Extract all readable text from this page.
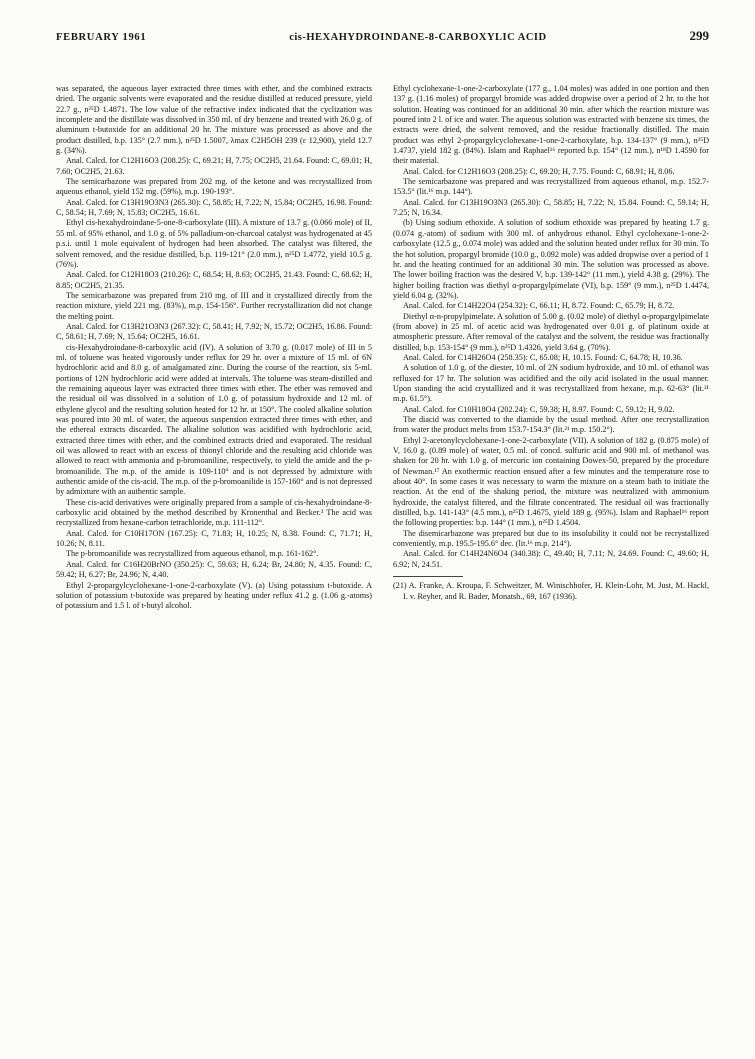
FEBRUARY 1961	cis-HEXAHYDROINDANE-8-CARBOXYLIC ACID	299

was separated, the aqueous layer extracted three times with ether, and the combined extracts dried. The organic solvents were evaporated and the residue distilled at reduced pressure, yield 22.7 g., n²⁵D 1.4871. The low value of the refractive index indicated that the cyclization was incomplete and the distillate was dissolved in 350 ml. of dry benzene and treated with 26.0 g. of aluminum t-butoxide for an additional 20 hr. The mixture was processed as above and the product distilled, b.p. 135° (2.7 mm.), n²⁵D 1.5007, λmax C2H5OH 239 (ε 12,900), yield 12.7 g. (34%).

Anal. Calcd. for C12H16O3 (208.25): C, 69.21; H, 7.75; OC2H5, 21.64. Found: C, 69.01; H, 7.60; OC2H5, 21.63.

The semicarbazone was prepared from 202 mg. of the ketone and was recrystallized from aqueous ethanol, yield 152 mg. (59%), m.p. 190-193°.

Anal. Calcd. for C13H19O3N3 (265.30): C, 58.85; H, 7.22; N, 15.84; OC2H5, 16.98. Found: C, 58.54; H, 7.69; N, 15.83; OC2H5, 16.61.

Ethyl cis-hexahydroindane-5-one-8-carboxylate (III). A mixture of 13.7 g. (0.066 mole) of II, 55 ml. of 95% ethanol, and 1.0 g. of 5% palladium-on-charcoal catalyst was hydrogenated at 45 p.s.i. until 1 mole equivalent of hydrogen had been absorbed. The catalyst was filtered, the solvent removed, and the residue distilled, b.p. 119-121° (2.0 mm.), n²⁵D 1.4772, yield 10.5 g. (76%).

Anal. Calcd. for C12H18O3 (210.26): C, 68.54; H, 8.63; OC2H5, 21.43. Found: C, 68.62; H, 8.85; OC2H5, 21.35.

The semicarbazone was prepared from 210 mg. of III and it crystallized directly from the reaction mixture, yield 221 mg. (83%), m.p. 154-156°. Further recrystallization did not change the melting point.

Anal. Calcd. for C13H21O3N3 (267.32): C, 58.41; H, 7.92; N, 15.72; OC2H5, 16.86. Found: C, 58.61; H, 7.69; N, 15.64; OC2H5, 16.61.

cis-Hexahydroindane-8-carboxylic acid (IV). A solution of 3.70 g. (0.017 mole) of III in 5 ml. of toluene was heated vigorously under reflux for 29 hr. over a mixture of 15 ml. of 6N hydrochloric acid and 8.0 g. of amalgamated zinc. During the course of the reaction, six 5-ml. portions of 12N hydrochloric acid were added at intervals. The toluene was steam-distilled and the remaining aqueous layer was extracted three times with ether. The ether was removed and the residual oil was dissolved in a solution of 1.0 g. of potassium hydroxide and 12 ml. of ethylene glycol and the resulting solution heated for 12 hr. at 150°. The cooled alkaline solution was poured into 30 ml. of water, the aqueous suspension extracted three times with ether, and the ethereal extracts discarded. The alkaline solution was acidified with hydrochloric acid, extracted three times with ether, and the combined extracts dried and evaporated. The residual oil was allowed to react with an excess of thionyl chloride and the resulting acid chloride was allowed to react with ammonia and p-bromoaniline, respectively, to yield the amide and the p-bromoanilide. The m.p. of the amide is 109-110° and is not depressed by admixture with authentic amide of the cis-acid. The m.p. of the p-bromoanilide is 157-160° and is not depressed by admixture with an authentic sample.

These cis-acid derivatives were originally prepared from a sample of cis-hexahydroindane-8-carboxylic acid obtained by the method described by Kronenthal and Becker.³ The acid was recrystallized from hexane-carbon tetrachloride, m.p. 111-112°.

Anal. Calcd. for C10H17ON (167.25): C, 71.83; H, 10.25; N, 8.38. Found: C, 71.71; H, 10.26; N, 8.11.

The p-bromoanilide was recrystallized from aqueous ethanol, m.p. 161-162°.

Anal. Calcd. for C16H20BrNO (350.25): C, 59.63; H, 6.24; Br, 24.80; N, 4.35. Found: C, 59.42; H, 6.27; Br, 24.96; N, 4.40.

Ethyl 2-propargylcyclohexane-1-one-2-carboxylate (V). (a) Using potassium t-butoxide. A solution of potassium t-butoxide was prepared by heating under reflux 41.2 g. (1.06 g.-atoms) of potassium and 1.5 l. of t-butyl alcohol.

Ethyl cyclohexane-1-one-2-carboxylate (177 g., 1.04 moles) was added in one portion and then 137 g. (1.16 moles) of propargyl bromide was added dropwise over a period of 2 hr. to the hot solution. Heating was continued for an additional 30 min. after which the reaction mixture was poured into 2 l. of ice and water. The aqueous solution was extracted with benzene six times, the extracts were dried, the solvent removed, and the residue fractionally distilled. The main product was ethyl 2-propargylcyclohexane-1-one-2-carboxylate, b.p. 134-137° (9 mm.), n²⁵D 1.4737, yield 182 g. (84%). Islam and Raphael¹⁶ reported b.p. 154° (12 mm.), n¹⁸D 1.4590 for their material.

Anal. Calcd. for C12H16O3 (208.25): C, 69.20; H, 7.75. Found: C, 68.91; H, 8.06.

The semicarbazone was prepared and was recrystallized from aqueous ethanol, m.p. 152.7-153.5° (lit.¹⁶ m.p. 144°).

Anal. Calcd. for C13H19O3N3 (265.30): C, 58.85; H, 7.22; N, 15.84. Found: C, 59.14; H, 7.25; N, 16.34.

(b) Using sodium ethoxide. A solution of sodium ethoxide was prepared by heating 1.7 g. (0.074 g.-atom) of sodium with 300 ml. of anhydrous ethanol. Ethyl cyclohexane-1-one-2-carboxylate (12.5 g., 0.074 mole) was added and the solution heated under reflux for 30 min. To the hot solution, propargyl bromide (10.0 g., 0.092 mole) was added dropwise over a period of 1 hr. and the heating continued for an additional 30 min. The solution was processed as above. The lower boiling fraction was the desired V, b.p. 139-142° (11 mm.), yield 4.38 g. (29%). The higher boiling fraction was diethyl α-propargylpimelate (VI), b.p. 159° (9 mm.), n²⁵D 1.4474, yield 6.04 g. (32%).

Anal. Calcd. for C14H22O4 (254.32): C, 66.11; H, 8.72. Found: C, 65.79; H, 8.72.

Diethyl α-n-propylpimelate. A solution of 5.00 g. (0.02 mole) of diethyl α-propargylpimelate (from above) in 25 ml. of acetic acid was hydrogenated over 0.01 g. of platinum oxide at atmospheric pressure. After removal of the catalyst and the solvent, the residue was fractionally distilled, b.p. 153-154° (9 mm.), n²⁵D 1.4326, yield 3.64 g. (70%).

Anal. Calcd. for C14H26O4 (258.35): C, 65.08; H, 10.15. Found: C, 64.78; H, 10.36.

A solution of 1.0 g. of the diester, 10 ml. of 2N sodium hydroxide, and 10 ml. of ethanol was refluxed for 17 hr. The solution was acidified and the oily acid isolated in the usual manner. Upon standing the acid crystallized and it was recrystallized from hexane, m.p. 62-63° (lit.²¹ m.p. 61.5°).

Anal. Calcd. for C10H18O4 (202.24): C, 59.38; H, 8.97. Found: C, 59.12; H, 9.02.

The diacid was converted to the diamide by the usual method. After one recrystallization from water the product melts from 153.7-154.3° (lit.²¹ m.p. 150.2°).

Ethyl 2-acetonylcyclohexane-1-one-2-carboxylate (VII). A solution of 182 g. (0.875 mole) of V, 16.0 g. (0.89 mole) of water, 0.5 ml. of concd. sulfuric acid and 900 ml. of methanol was shaken for 20 hr. with 1.0 g. of mercuric ion containing Dowex-50, prepared by the procedure of Newman.¹⁷ An exothermic reaction ensued after a few minutes and the temperature rose to about 40°. In some cases it was necessary to warm the mixture on a steam bath to initiate the reaction. At the end of the shaking period, the mixture was neutralized with ammonium hydroxide, the catalyst filtered, and the filtrate concentrated. The residual oil was fractionally distilled, b.p. 141-143° (4.5 mm.), n²⁵D 1.4675, yield 189 g. (95%). Islam and Raphael¹⁶ report the following properties: b.p. 144° (1 mm.), n²⁵D 1.4504.

The disemicarbazone was prepared but due to its insolubility it could not be recrystallized conveniently, m.p. 195.5-195.6° dec. (lit.¹⁶ m.p. 214°).

Anal. Calcd. for C14H24N6O4 (340.38): C, 49.40; H, 7.11; N, 24.69. Found: C, 49.60; H, 6.92; N, 24.51.

(21) A. Franke, A. Kroupa, F. Schweitzer, M. Winischhofer, H. Klein-Lohr, M. Just, M. Hackl, I. v. Reyher, and R. Bader, Monatsh., 69, 167 (1936).
